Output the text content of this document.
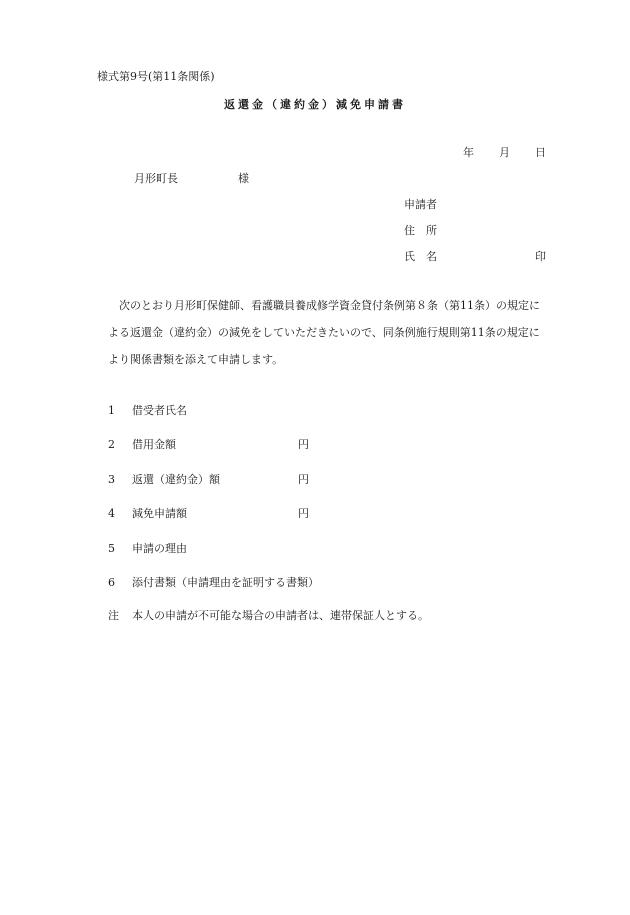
様式第9号(第11条関係)
返還金（違約金）減免申請書
年 月 日
月形町長	様
申請者
住　所
氏　名	印

次のとおり月形町保健師、看護職員養成修学資金貸付条例第８条（第11条）の規定に

よる返還金（違約金）の減免をしていただきたいので、同条例施行規則第11条の規定に

より関係書類を添えて申請します。

1 借受者氏名
2 借用金額	円
3 返還（違約金）額	円
4 減免申請額	円
5 申請の理由
6 添付書類（申請理由を証明する書類）
注 本人の申請が不可能な場合の申請者は、連帯保証人とする。
